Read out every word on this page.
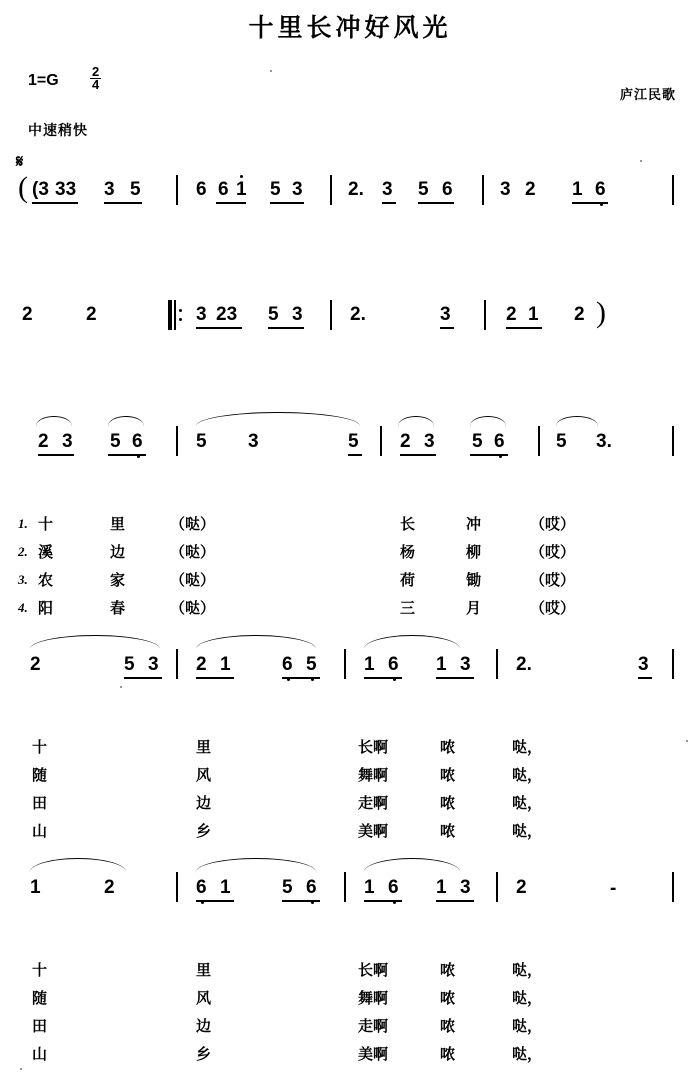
十里长冲好风光
$1=G \frac{2}{4}$
庐江民歌
中速稍快
𝄋
( (3 33 3 5	6 6 1 5 3 2. 3 5 6 3 2 1 6
2	2	3 23 5 3 2.	3	2 1 2 )
2 3 5 6	5 3	5 2 3 5 6	5 3.
1. 十	里	（哒）	长	冲	（哎）
2. 溪	边	（哒）	杨	柳	（哎）
3. 农	家	（哒）	荷	锄	（哎）
4. 阳	春	（哒）	三	月	（哎）
2	5 3 2 1	6 5 1 6 1 3 2.	3
十	里	长啊	哝	哒，
随	风	舞啊	哝	哒，
田	边	走啊	哝	哒，
山	乡	美啊	哝	哒，
1	2	6 1	5 6 1 6 1 3 2	-
十	里	长啊	哝	哒，
随	风	舞啊	哝	哒，
田	边	走啊	哝	哒，
山	乡	美啊	哝	哒，
